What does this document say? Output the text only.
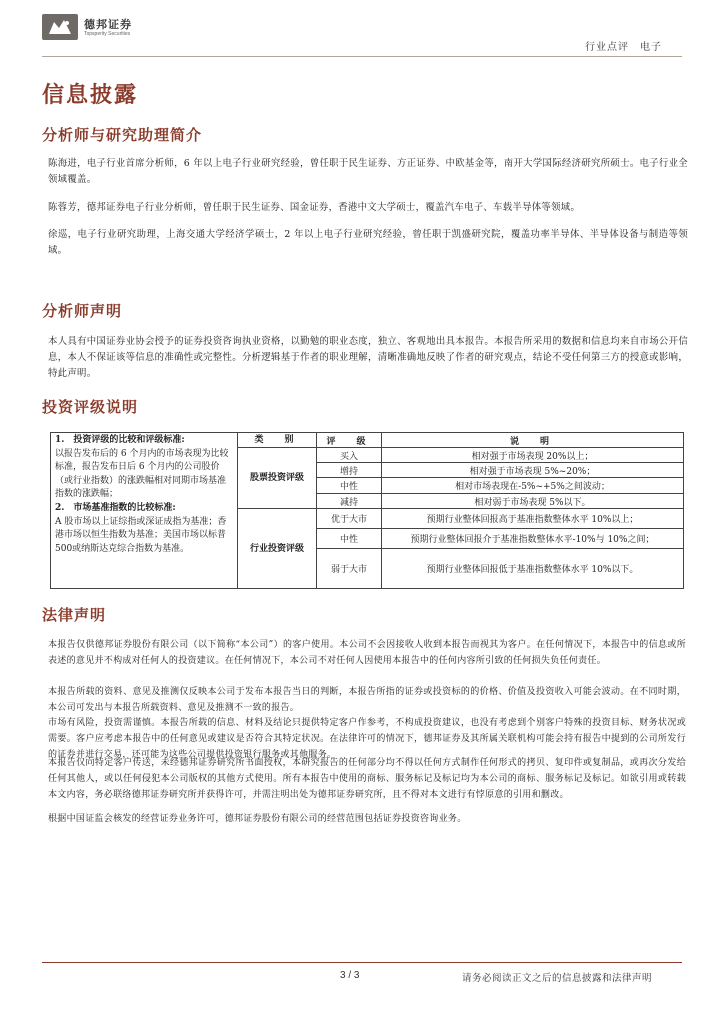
德邦证券
Topsperity Securities
行业点评　电子
信息披露
分析师与研究助理简介
陈海进，电子行业首席分析师，6 年以上电子行业研究经验，曾任职于民生证券、方正证券、中欧基金等，南开大学国际经济研究所硕士。电子行业全领域覆盖。
陈蓉芳，德邦证券电子行业分析师，曾任职于民生证券、国金证券，香港中文大学硕士，覆盖汽车电子、车载半导体等领域。
徐巡，电子行业研究助理，上海交通大学经济学硕士，2 年以上电子行业研究经验，曾任职于凯盛研究院，覆盖功率半导体、半导体设备与制造等领域。
分析师声明
本人具有中国证券业协会授予的证券投资咨询执业资格，以勤勉的职业态度，独立、客观地出具本报告。本报告所采用的数据和信息均来自市场公开信息，本人不保证该等信息的准确性或完整性。分析逻辑基于作者的职业理解，清晰准确地反映了作者的研究观点，结论不受任何第三方的授意或影响，特此声明。
投资评级说明
1.　投资评级的比较和评级标准:
以报告发布后的 6 个月内的市场表现为比较标准，报告发布日后 6 个月内的公司股价（或行业指数）的涨跌幅相对同期市场基准指数的涨跌幅；
2.　市场基准指数的比较标准:
A 股市场以上证综指或深证成指为基准；香港市场以恒生指数为基准；美国市场以标普500或纳斯达克综合指数为基准。	类　别	评　级	说　明
	股票投资评级	买入	相对强于市场表现 20%以上；
		增持	相对强于市场表现 5%~20%；
		中性	相对市场表现在-5%~+5%之间波动；
		减持	相对弱于市场表现 5%以下。
	行业投资评级	优于大市	预期行业整体回报高于基准指数整体水平 10%以上；
		中性	预期行业整体回报介于基准指数整体水平-10%与 10%之间；
		弱于大市	预期行业整体回报低于基准指数整体水平 10%以下。

法律声明
本报告仅供德邦证券股份有限公司（以下简称“本公司”）的客户使用。本公司不会因接收人收到本报告而视其为客户。在任何情况下，本报告中的信息或所表述的意见并不构成对任何人的投资建议。在任何情况下，本公司不对任何人因使用本报告中的任何内容所引致的任何损失负任何责任。
本报告所载的资料、意见及推测仅反映本公司于发布本报告当日的判断，本报告所指的证券或投资标的的价格、价值及投资收入可能会波动。在不同时期，本公司可发出与本报告所载资料、意见及推测不一致的报告。
市场有风险，投资需谨慎。本报告所载的信息、材料及结论只提供特定客户作参考，不构成投资建议，也没有考虑到个别客户特殊的投资目标、财务状况或需要。客户应考虑本报告中的任何意见或建议是否符合其特定状况。在法律许可的情况下，德邦证券及其所属关联机构可能会持有报告中提到的公司所发行的证券并进行交易，还可能为这些公司提供投资银行服务或其他服务。
本报告仅向特定客户传送，未经德邦证券研究所书面授权，本研究报告的任何部分均不得以任何方式制作任何形式的拷贝、复印件或复制品，或再次分发给任何其他人，或以任何侵犯本公司版权的其他方式使用。所有本报告中使用的商标、服务标记及标记均为本公司的商标、服务标记及标记。如欲引用或转载本文内容，务必联络德邦证券研究所并获得许可，并需注明出处为德邦证券研究所，且不得对本文进行有悖原意的引用和删改。
根据中国证监会核发的经营证券业务许可，德邦证券股份有限公司的经营范围包括证券投资咨询业务。
3 / 3	请务必阅读正文之后的信息披露和法律声明
